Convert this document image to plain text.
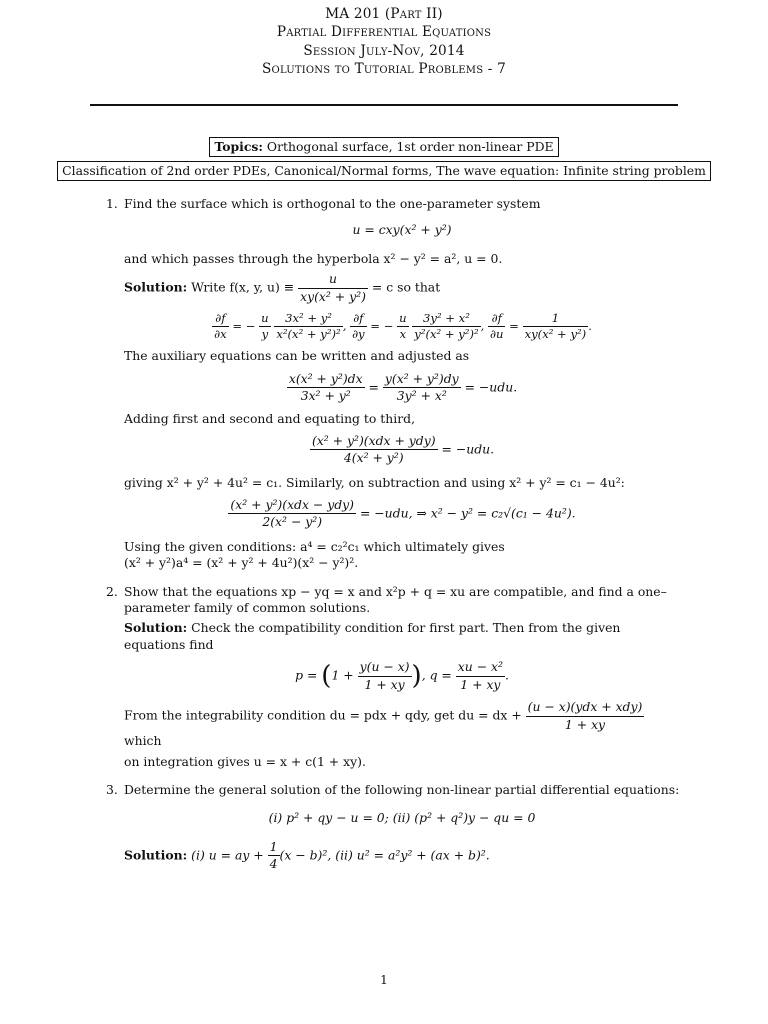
MA 201 (Part II)
Partial Differential Equations
Session July-Nov, 2014
Solutions to Tutorial Problems - 7
Topics: Orthogonal surface, 1st order non-linear PDE
Classification of 2nd order PDEs, Canonical/Normal forms, The wave equation: Infinite string problem
1. Find the surface which is orthogonal to the one-parameter system
u = cxy(x² + y²)
and which passes through the hyperbola x² − y² = a², u = 0.
Solution: Write f(x, y, $u) \equiv \frac{u}{\text{xy(x² + y²)}} = c$ so that
$\frac{\partial f}{\partial x}$ = − $\frac{u}{y}$
$\frac{\text{3x² + y²}}{\text{x²(x² + y²)²}}$ , $\frac{\partial f}{\partial y}$ = − $\frac{u}{x}$
$\frac{\text{3y² + x²}}{\text{y²(x² + y²)²}}$ , $\frac{\partial f}{\partial u} = \frac{1}{\text{xy(x² + y²)}}$ .
The auxiliary equations can be written and adjusted as
$\frac{\text{x(x² + y²)dx}}{\text{3x² + y²}} = \frac{\text{y(x² + y²)dy}}{\text{3y² + x²}} = -udu$.
Adding first and second and equating to third,
$\frac{\text{(x² + y²)(xdx + ydy)}}{\text{4(x² + y²)}} = -udu$.
giving x² + y² + 4u² = c₁. Similarly, on subtraction and using x² + y² = c₁ − 4u²:
$\frac{\text{(x² + y²)(xdx − ydy)}}{\text{2(x² − y²)}} = -udu$, ⇒ x² − y² = c₂√(c₁ − 4u²).
Using the given conditions: a⁴ = c₂²c₁ which ultimately gives
(x² + y²)a⁴ = (x² + y² + 4u²)(x² − y²)².
2. Show that the equations xp − yq = x and x²p + q = xu are compatible, and find a one–parameter family of common solutions.
Solution: Check the compatibility condition for first part. Then from the given equations find
$p = (1 + \frac{y(u - x)}{1 + xy}$ ), $q = \frac{\text{xu − x²}}{1 + xy}$ .
From the integrability condition du = pdx + qdy, get du = dx + $\frac{\text{(u − x)(ydx + xdy)}}{1 + xy}$
which
on integration gives u = x + c(1 + xy).
3. Determine the general solution of the following non-linear partial differential equations:
(i) p² + qy − u = 0; (ii) (p² + q²)y − qu = 0
Solution: (i) u = ay + $\frac{1}{4} (x - b)^2$, (ii) u² = a²y² + (ax + b)².
1
